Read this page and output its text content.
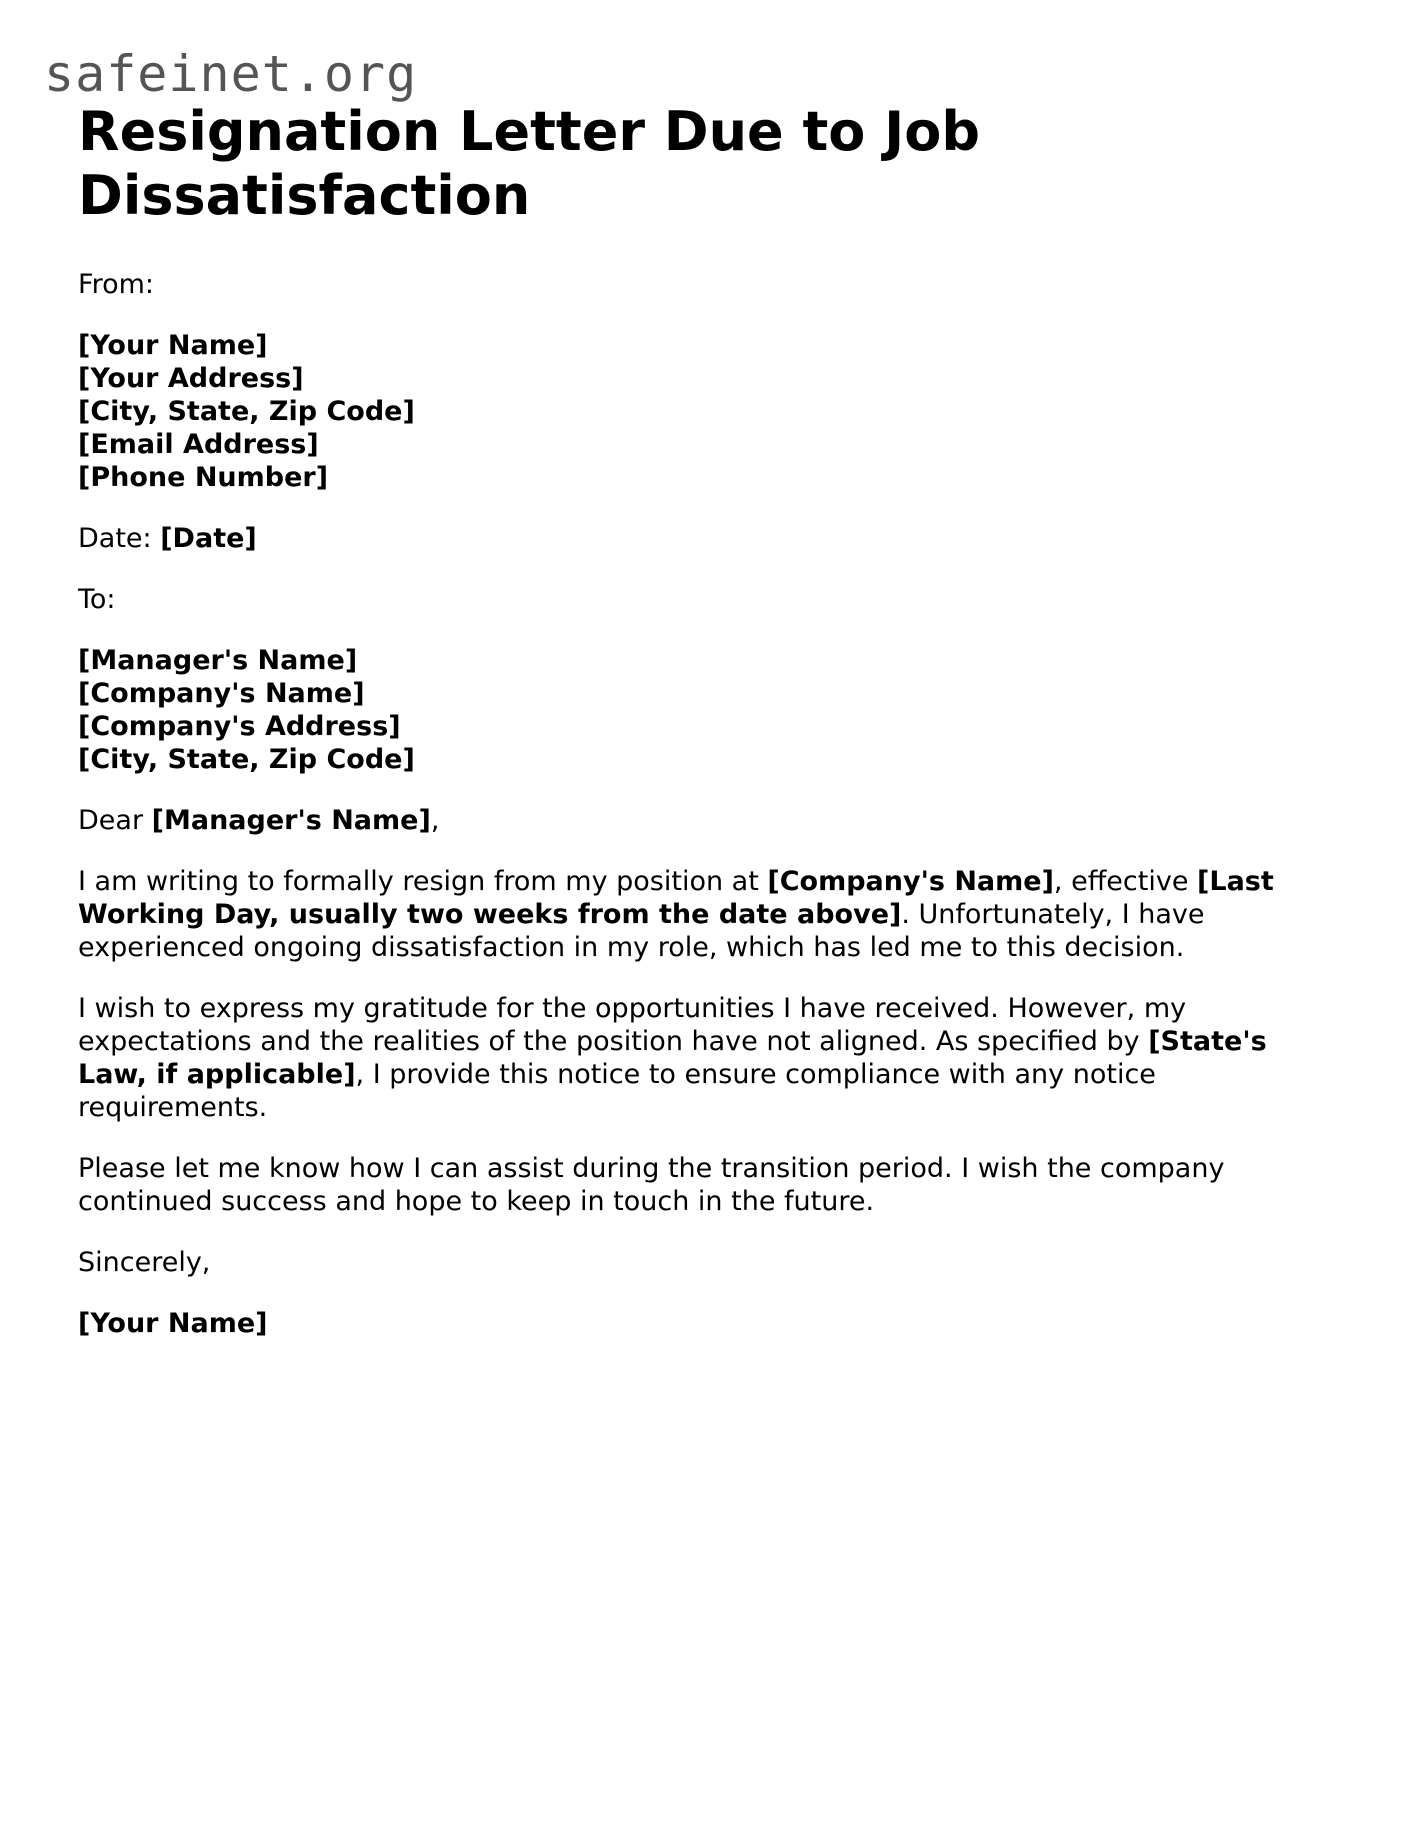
safeinet.org
Resignation Letter Due to Job Dissatisfaction
From:
[Your Name]
[Your Address]
[City, State, Zip Code]
[Email Address]
[Phone Number]
Date: [Date]
To:
[Manager's Name]
[Company's Name]
[Company's Address]
[City, State, Zip Code]
Dear [Manager's Name],
I am writing to formally resign from my position at [Company's Name], effective [Last Working Day, usually two weeks from the date above]. Unfortunately, I have experienced ongoing dissatisfaction in my role, which has led me to this decision.
I wish to express my gratitude for the opportunities I have received. However, my expectations and the realities of the position have not aligned. As specified by [State's Law, if applicable], I provide this notice to ensure compliance with any notice requirements.
Please let me know how I can assist during the transition period. I wish the company continued success and hope to keep in touch in the future.
Sincerely,
[Your Name]
